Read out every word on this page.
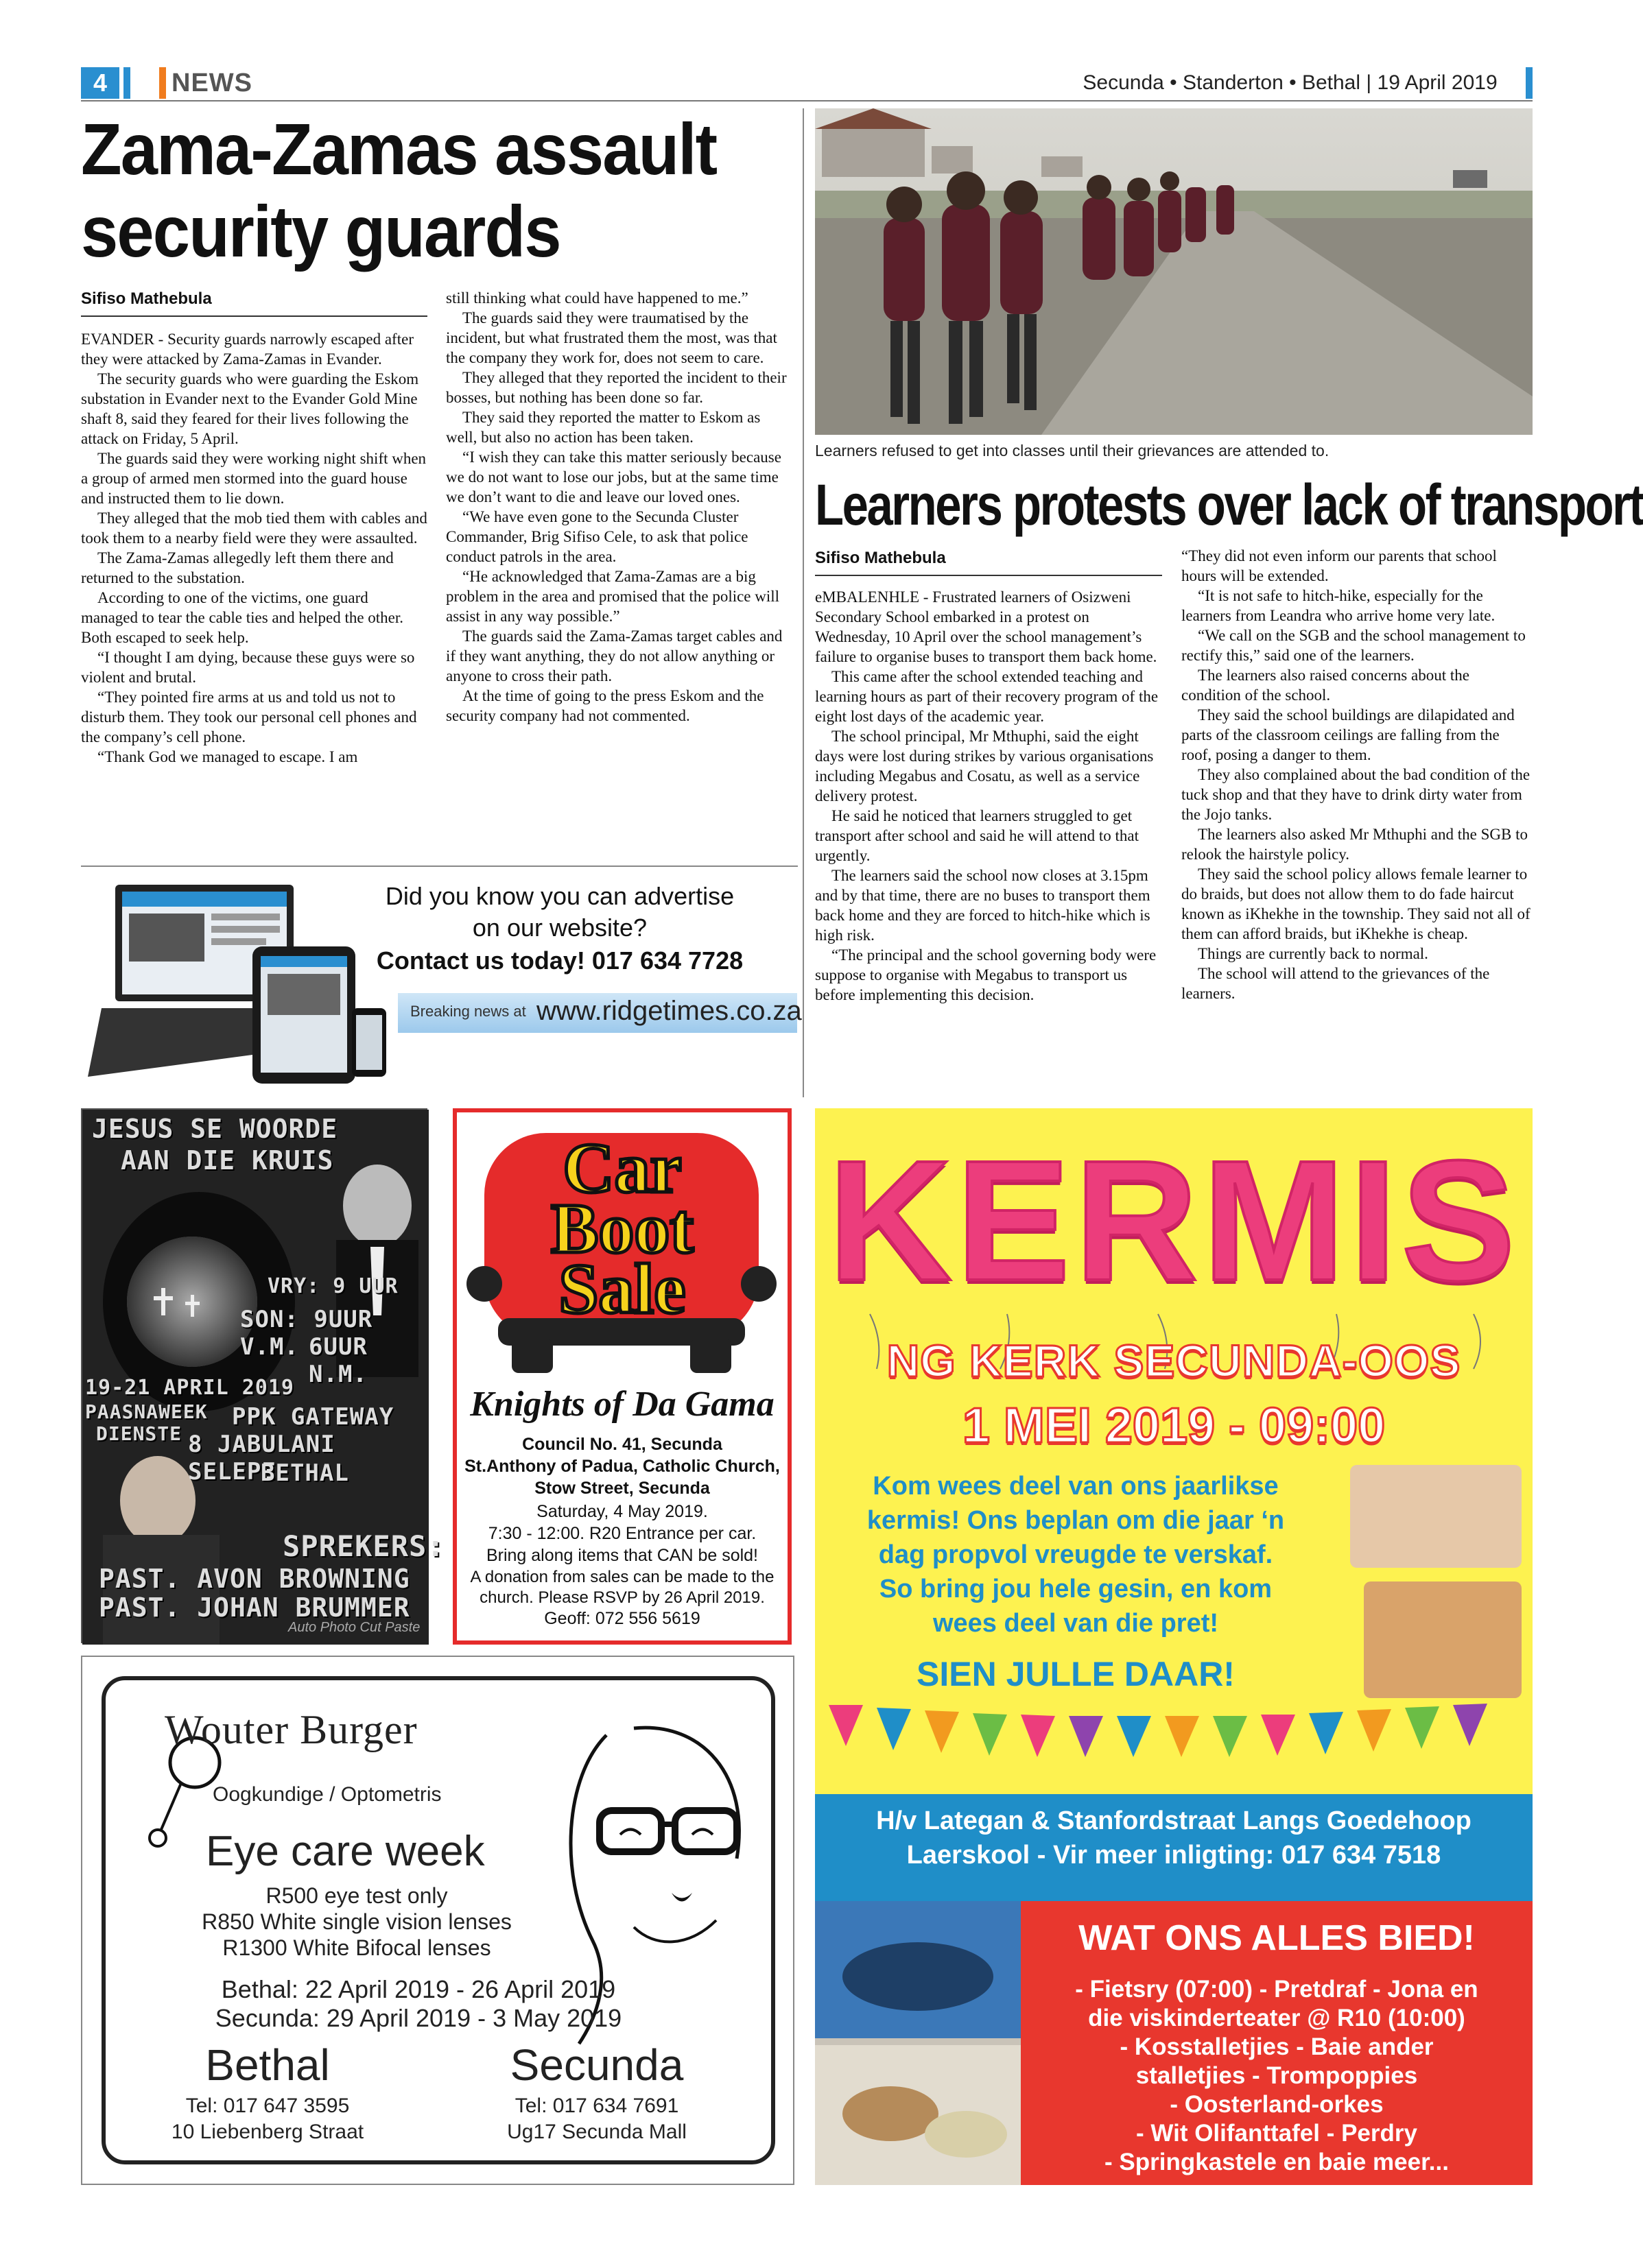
4	NEWS	Secunda • Standerton • Bethal | 19 April 2019
Zama-Zamas assault
security guards
Sifiso Mathebula

EVANDER - Security guards narrowly escaped after they were attacked by Zama-Zamas in Evander.

The security guards who were guarding the Eskom substation in Evander next to the Evander Gold Mine shaft 8, said they feared for their lives following the attack on Friday, 5 April.

The guards said they were working night shift when a group of armed men stormed into the guard house and instructed them to lie down.

They alleged that the mob tied them with cables and took them to a nearby field were they were assaulted.

The Zama-Zamas allegedly left them there and returned to the substation.

According to one of the victims, one guard managed to tear the cable ties and helped the other. Both escaped to seek help.

“I thought I am dying, because these guys were so violent and brutal.

“They pointed fire arms at us and told us not to disturb them. They took our personal cell phones and the company’s cell phone.

“Thank God we managed to escape. I am

still thinking what could have happened to me.”

The guards said they were traumatised by the incident, but what frustrated them the most, was that the company they work for, does not seem to care.

They alleged that they reported the incident to their bosses, but nothing has been done so far.

They said they reported the matter to Eskom as well, but also no action has been taken.

“I wish they can take this matter seriously because we do not want to lose our jobs, but at the same time we don’t want to die and leave our loved ones.

“We have even gone to the Secunda Cluster Commander, Brig Sifiso Cele, to ask that police conduct patrols in the area.

“He acknowledged that Zama-Zamas are a big problem in the area and promised that the police will assist in any way possible.”

The guards said the Zama-Zamas target cables and if they want anything, they do not allow anything or anyone to cross their path.

At the time of going to the press Eskom and the security company had not commented.

Learners refused to get into classes until their grievances are attended to.
Learners protests over lack of transport
Sifiso Mathebula

eMBALENHLE - Frustrated learners of Osizweni Secondary School embarked in a protest on Wednesday, 10 April over the school management’s failure to organise buses to transport them back home.

This came after the school extended teaching and learning hours as part of their recovery program of the eight lost days of the academic year.

The school principal, Mr Mthuphi, said the eight days were lost during strikes by various organisations including Megabus and Cosatu, as well as a service delivery protest.

He said he noticed that learners struggled to get transport after school and said he will attend to that urgently.

The learners said the school now closes at 3.15pm and by that time, there are no buses to transport them back home and they are forced to hitch-hike which is high risk.

“The principal and the school governing body were suppose to organise with Megabus to transport us before implementing this decision.

“They did not even inform our parents that school hours will be extended.

“It is not safe to hitch-hike, especially for the learners from Leandra who arrive home very late.

“We call on the SGB and the school management to rectify this,” said one of the learners.

The learners also raised concerns about the condition of the school.

They said the school buildings are dilapidated and parts of the classroom ceilings are falling from the roof, posing a danger to them.

They also complained about the bad condition of the tuck shop and that they have to drink dirty water from the Jojo tanks.

The learners also asked Mr Mthuphi and the SGB to relook the hairstyle policy.

They said the school policy allows female learner to do braids, but does not allow them to do fade haircut known as iKhekhe in the township. They said not all of them can afford braids, but iKhekhe is cheap.

Things are currently back to normal.

The school will attend to the grievances of the learners.

Did you know you can advertise
on our website?
Contact us today! 017 634 7728
Breaking news at www.ridgetimes.co.za
JESUS SE WOORDE
AAN DIE KRUIS
VRY: 9 UUR
SON: 9UUR V.M. 6UUR N.M.
19-21 APRIL 2019
PAASNAWEEK
DIENSTE
PPK GATEWAY
8 JABULANI SELEPE
BETHAL
SPREKERS:
PAST. AVON BROWNING
PAST. JOHAN BRUMMER
Auto Photo Cut Paste
Car
Boot
Sale
Knights of Da Gama
Council No. 41, Secunda
St.Anthony of Padua, Catholic Church,
Stow Street, Secunda
Saturday, 4 May 2019.
7:30 - 12:00. R20 Entrance per car.
Bring along items that CAN be sold!
A donation from sales can be made to the
church. Please RSVP by 26 April 2019.
Geoff: 072 556 5619
KERMIS
NG KERK SECUNDA-OOS
1 MEI 2019 - 09:00
Kom wees deel van ons jaarlikse
kermis! Ons beplan om die jaar ‘n
dag propvol vreugde te verskaf.
So bring jou hele gesin, en kom
wees deel van die pret!
SIEN JULLE DAAR!
H/v Lategan & Stanfordstraat Langs Goedehoop
Laerskool - Vir meer inligting: 017 634 7518
WAT ONS ALLES BIED!
- Fietsry (07:00) - Pretdraf - Jona en
die viskinderteater @ R10 (10:00)
- Kosstalletjies - Baie ander
stalletjies - Trompoppies
- Oosterland-orkes
- Wit Olifanttafel - Perdry
- Springkastele en baie meer...
Wouter Burger
Oogkundige / Optometris
Eye care week
R500 eye test only
R850 White single vision lenses
R1300 White Bifocal lenses
Bethal: 22 April 2019 - 26 April 2019
Secunda: 29 April 2019 - 3 May 2019
Bethal
Tel: 017 647 3595
10 Liebenberg Straat
Secunda
Tel: 017 634 7691
Ug17 Secunda Mall
